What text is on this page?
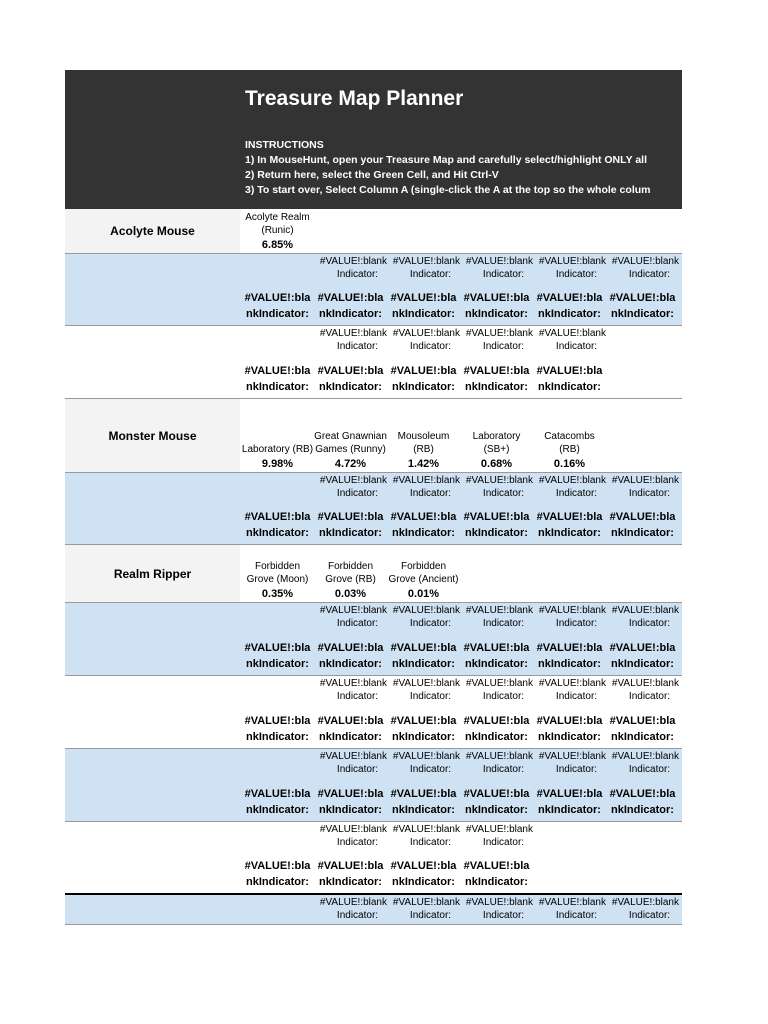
Treasure Map Planner
INSTRUCTIONS
1) In MouseHunt, open your Treasure Map and carefully select/highlight ONLY all
2) Return here, select the Green Cell, and Hit Ctrl-V
3) To start over, Select Column A (single-click the A at the top so the whole colum
Acolyte Mouse
Acolyte Realm (Runic)
6.85%
#VALUE!:bla
nkIndicator:
#VALUE!:blank
Indicator:
#VALUE!:bla
nkIndicator:
#VALUE!:blank
Indicator:
#VALUE!:bla
nkIndicator:
#VALUE!:blank
Indicator:
#VALUE!:bla
nkIndicator:
#VALUE!:blank
Indicator:
#VALUE!:bla
nkIndicator:
#VALUE!:blank
Indicator:
#VALUE!:bla
nkIndicator:
#VALUE!:bla
nkIndicator:
#VALUE!:blank
Indicator:
#VALUE!:bla
nkIndicator:
#VALUE!:blank
Indicator:
#VALUE!:bla
nkIndicator:
#VALUE!:blank
Indicator:
#VALUE!:bla
nkIndicator:
#VALUE!:blank
Indicator:
#VALUE!:bla
nkIndicator:
Monster Mouse
Laboratory (RB)
9.98%
Great Gnawnian Games (Runny)
4.72%
Mousoleum (RB)
1.42%
Laboratory (SB+)
0.68%
Catacombs (RB)
0.16%
#VALUE!:bla
nkIndicator:
#VALUE!:blank
Indicator:
#VALUE!:bla
nkIndicator:
#VALUE!:blank
Indicator:
#VALUE!:bla
nkIndicator:
#VALUE!:blank
Indicator:
#VALUE!:bla
nkIndicator:
#VALUE!:blank
Indicator:
#VALUE!:bla
nkIndicator:
#VALUE!:blank
Indicator:
#VALUE!:bla
nkIndicator:
Realm Ripper	Forbidden Grove (Moon)
0.35%
Forbidden Grove (RB)
0.03%
Forbidden Grove (Ancient)
0.01%
#VALUE!:bla
nkIndicator:
#VALUE!:blank
Indicator:
#VALUE!:bla
nkIndicator:
#VALUE!:blank
Indicator:
#VALUE!:bla
nkIndicator:
#VALUE!:blank
Indicator:
#VALUE!:bla
nkIndicator:
#VALUE!:blank
Indicator:
#VALUE!:bla
nkIndicator:
#VALUE!:blank
Indicator:
#VALUE!:bla
nkIndicator:
#VALUE!:bla
nkIndicator:
#VALUE!:blank
Indicator:
#VALUE!:bla
nkIndicator:
#VALUE!:blank
Indicator:
#VALUE!:bla
nkIndicator:
#VALUE!:blank
Indicator:
#VALUE!:bla
nkIndicator:
#VALUE!:blank
Indicator:
#VALUE!:bla
nkIndicator:
#VALUE!:blank
Indicator:
#VALUE!:bla
nkIndicator:
#VALUE!:bla
nkIndicator:
#VALUE!:blank
Indicator:
#VALUE!:bla
nkIndicator:
#VALUE!:blank
Indicator:
#VALUE!:bla
nkIndicator:
#VALUE!:blank
Indicator:
#VALUE!:bla
nkIndicator:
#VALUE!:blank
Indicator:
#VALUE!:bla
nkIndicator:
#VALUE!:blank
Indicator:
#VALUE!:bla
nkIndicator:
#VALUE!:bla
nkIndicator:
#VALUE!:blank
Indicator:
#VALUE!:bla
nkIndicator:
#VALUE!:blank
Indicator:
#VALUE!:bla
nkIndicator:
#VALUE!:blank
Indicator:
#VALUE!:bla
nkIndicator:
#VALUE!:blank
Indicator:
#VALUE!:blank
Indicator:
#VALUE!:blank
Indicator:
#VALUE!:blank
Indicator:
#VALUE!:blank
Indicator:
